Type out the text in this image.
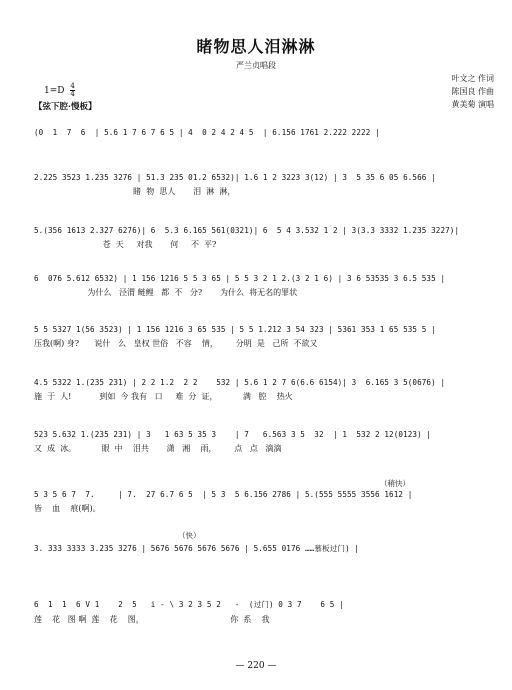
睹物思人泪淋淋
严兰贞唱段
叶文之 作词
陈国良 作曲
黄美菊 演唱
$1=D \frac{4}{4}$
【弦下腔·慢板】
(0  1  7  6  | 5.6 1 7 6 7 6 5 | 4  0 2 4 2 4 5  | 6.156 1761 2.222 2222 |
2.225 3523 1.235 3276 | 51.3 235 01.2 6532)| 1.6 1 2 3223 3(12) | 3  5 35 6 05 6.566 |
睹  物  思人       泪  淋  淋，
5.(356 1613 2.327 6276)| 6  5.3 6.165 561(0321)| 6  5 4 3.532 1 2 | 3(3.3 3332 1.235 3227)|
苍  天     对我       何     不  平?
6  076 5.612 6532) | 1 156 1216 5 5 3 65 | 5 5 3 2 1 2.(3 2 1 6) | 3 6 53535 3 6.5 535 |
为什么   泾渭 鲢鲤   都  不   分?       为什么  将无名的罪状
5 5 5327 1(56 3523) | 1 156 1216 3 65 535 | 5 5 1.212 3 54 323 | 5361 353 1 65 535 5 |
压我(啊) 身?      说什   么   皇权 世俗   不容    情，       分明  是   己所  不欲又
4.5 5322 1.(235 231) | 2 2 1.2  2 2    532 | 5.6 1 2 7 6(6.6 6154)| 3  6.165 3 5(0676) |
施  于  人!           到如  今 我有   口     难  分  证，          满   腔    热火
523 5.632 1.(235 231) | 3   1 63 5 35 3    | 7   6.563 3 5  32  | 1  532 2 12(0123) |
又  成  冰。          眼  中    泪共       潇   湘    雨，       点   点   滴滴
（稍快）
5 3 5 6 7  7.     | 7.  27 6.7 6 5  | 5 3  5 6.156 2786 | 5.(555 5555 3556 1612 |
皆    血    痕(啊)。
（快）
3. 333 3333 3.235 3276 | 5676 5676 5676 5676 | 5.655 0176 ……慕板过门) |
6  1  1  6 V 1    2  5   i - \ 3 2 3 5 2   -  (过门) 0 3 7    6 5 |
莲    花   图 啊  莲    花    图，                                  你  系    我
— 220 —
